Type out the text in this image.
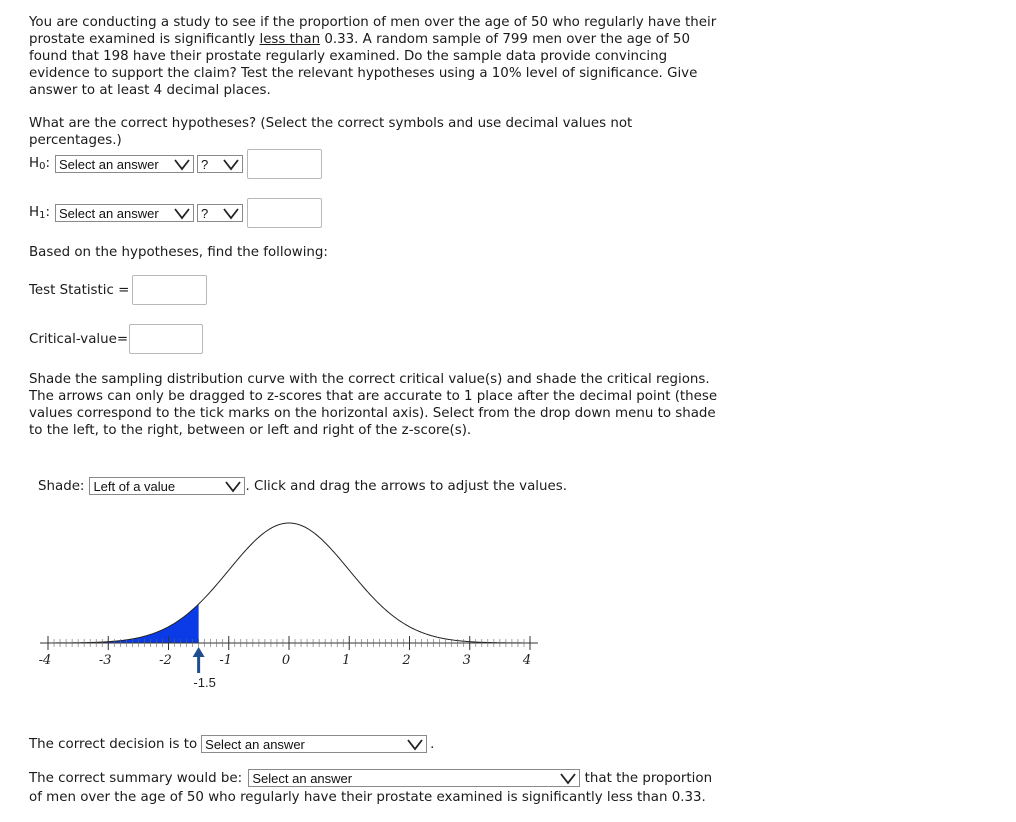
You are conducting a study to see if the proportion of men over the age of 50 who regularly have their prostate examined is significantly less than 0.33. A random sample of 799 men over the age of 50 found that 198 have their prostate regularly examined. Do the sample data provide convincing evidence to support the claim? Test the relevant hypotheses using a 10% level of significance. Give answer to at least 4 decimal places.

What are the correct hypotheses? (Select the correct symbols and use decimal values not percentages.)

$H_0$: Select an answer	?
$H_1$: Select an answer	?

Based on the hypotheses, find the following:

Test Statistic =
Critical-value=

Shade the sampling distribution curve with the correct critical value(s) and shade the critical regions. The arrows can only be dragged to z-scores that are accurate to 1 place after the decimal point (these values correspond to the tick marks on the horizontal axis). Select from the drop down menu to shade to the left, to the right, between or left and right of the z-score(s).

Shade: Left of a value	. Click and drag the arrows to adjust the values.
-4	-3	-2	-1	0	1	2	3	4
-1.5
The correct decision is to Select an answer	.
The correct summary would be: Select an answer	that the proportion of men over the age of 50 who regularly have their prostate examined is significantly less than 0.33.
